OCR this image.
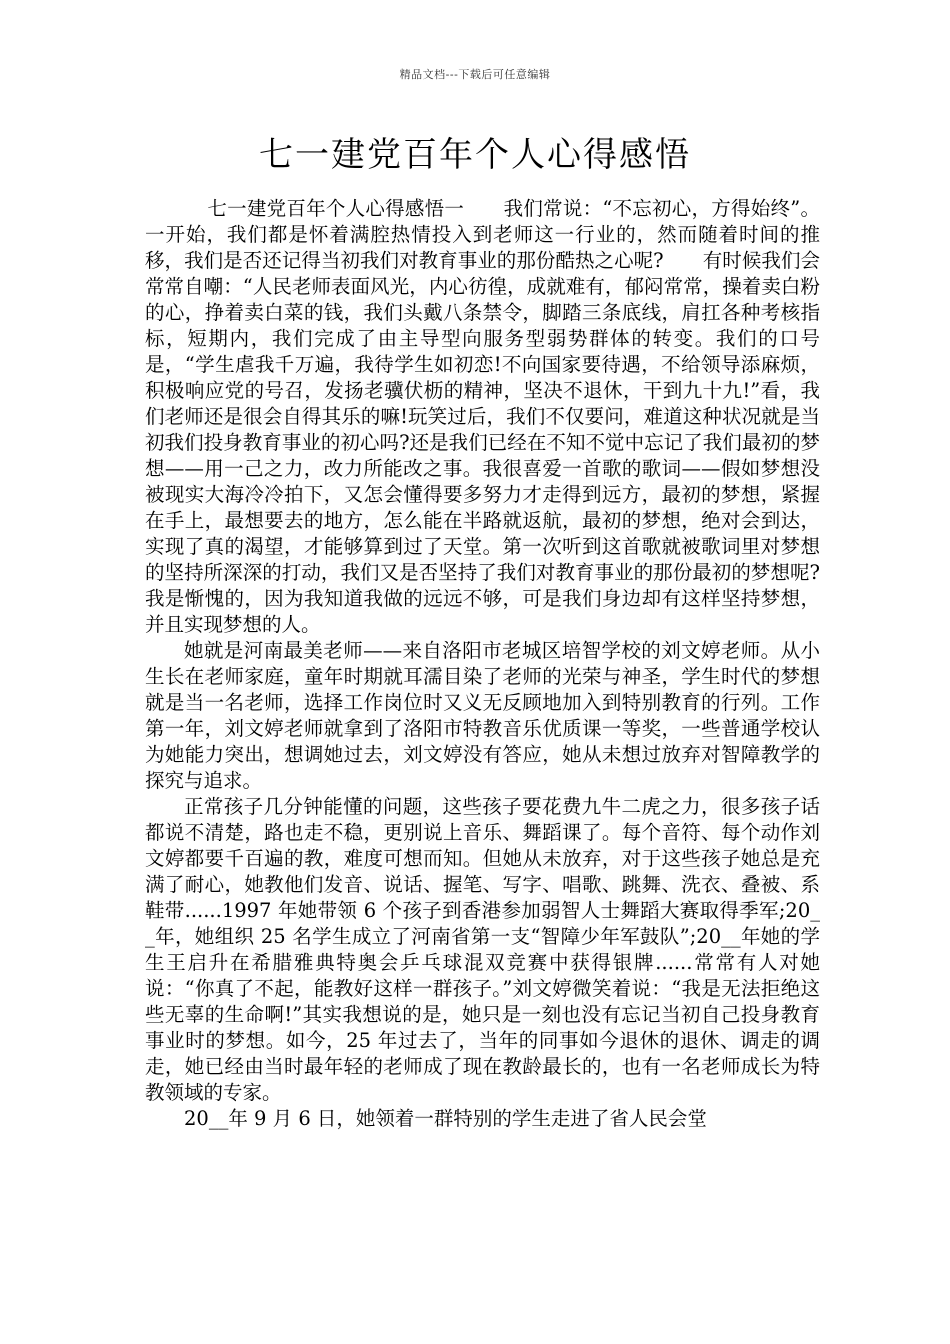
精品文档---下载后可任意编辑
七一建党百年个人心得感悟

七一建党百年个人心得感悟一　　我们常说：“不忘初心，方得始终”。一开始，我们都是怀着满腔热情投入到老师这一行业的，然而随着时间的推移，我们是否还记得当初我们对教育事业的那份酷热之心呢?　　有时候我们会常常自嘲：“人民老师表面风光，内心彷徨，成就难有，郁闷常常，操着卖白粉的心，挣着卖白菜的钱，我们头戴八条禁令，脚踏三条底线，肩扛各种考核指标，短期内，我们完成了由主导型向服务型弱势群体的转变。我们的口号是，“学生虐我千万遍，我待学生如初恋!不向国家要待遇，不给领导添麻烦，积极响应党的号召，发扬老骥伏枥的精神，坚决不退休，干到九十九!”看，我们老师还是很会自得其乐的嘛!玩笑过后，我们不仅要问，难道这种状况就是当初我们投身教育事业的初心吗?还是我们已经在不知不觉中忘记了我们最初的梦想——用一己之力，改力所能改之事。我很喜爱一首歌的歌词——假如梦想没被现实大海冷冷拍下，又怎会懂得要多努力才走得到远方，最初的梦想，紧握在手上，最想要去的地方，怎么能在半路就返航，最初的梦想，绝对会到达，实现了真的渴望，才能够算到过了天堂。第一次听到这首歌就被歌词里对梦想的坚持所深深的打动，我们又是否坚持了我们对教育事业的那份最初的梦想呢?我是惭愧的，因为我知道我做的远远不够，可是我们身边却有这样坚持梦想，并且实现梦想的人。

她就是河南最美老师——来自洛阳市老城区培智学校的刘文婷老师。从小生长在老师家庭，童年时期就耳濡目染了老师的光荣与神圣，学生时代的梦想就是当一名老师，选择工作岗位时又义无反顾地加入到特别教育的行列。工作第一年，刘文婷老师就拿到了洛阳市特教音乐优质课一等奖，一些普通学校认为她能力突出，想调她过去，刘文婷没有答应，她从未想过放弃对智障教学的探究与追求。

正常孩子几分钟能懂的问题，这些孩子要花费九牛二虎之力，很多孩子话都说不清楚，路也走不稳，更别说上音乐、舞蹈课了。每个音符、每个动作刘文婷都要千百遍的教，难度可想而知。但她从未放弃，对于这些孩子她总是充满了耐心，她教他们发音、说话、握笔、写字、唱歌、跳舞、洗衣、叠被、系鞋带......1997 年她带领 6 个孩子到香港参加弱智人士舞蹈大赛取得季军;20__年，她组织 25 名学生成立了河南省第一支“智障少年军鼓队”;20__年她的学生王启升在希腊雅典特奥会乒乓球混双竞赛中获得银牌......常常有人对她说：“你真了不起，能教好这样一群孩子。”刘文婷微笑着说：“我是无法拒绝这些无辜的生命啊!”其实我想说的是，她只是一刻也没有忘记当初自己投身教育事业时的梦想。如今，25 年过去了，当年的同事如今退休的退休、调走的调走，她已经由当时最年轻的老师成了现在教龄最长的，也有一名老师成长为特教领域的专家。

20__年 9 月 6 日，她领着一群特别的学生走进了省人民会堂
